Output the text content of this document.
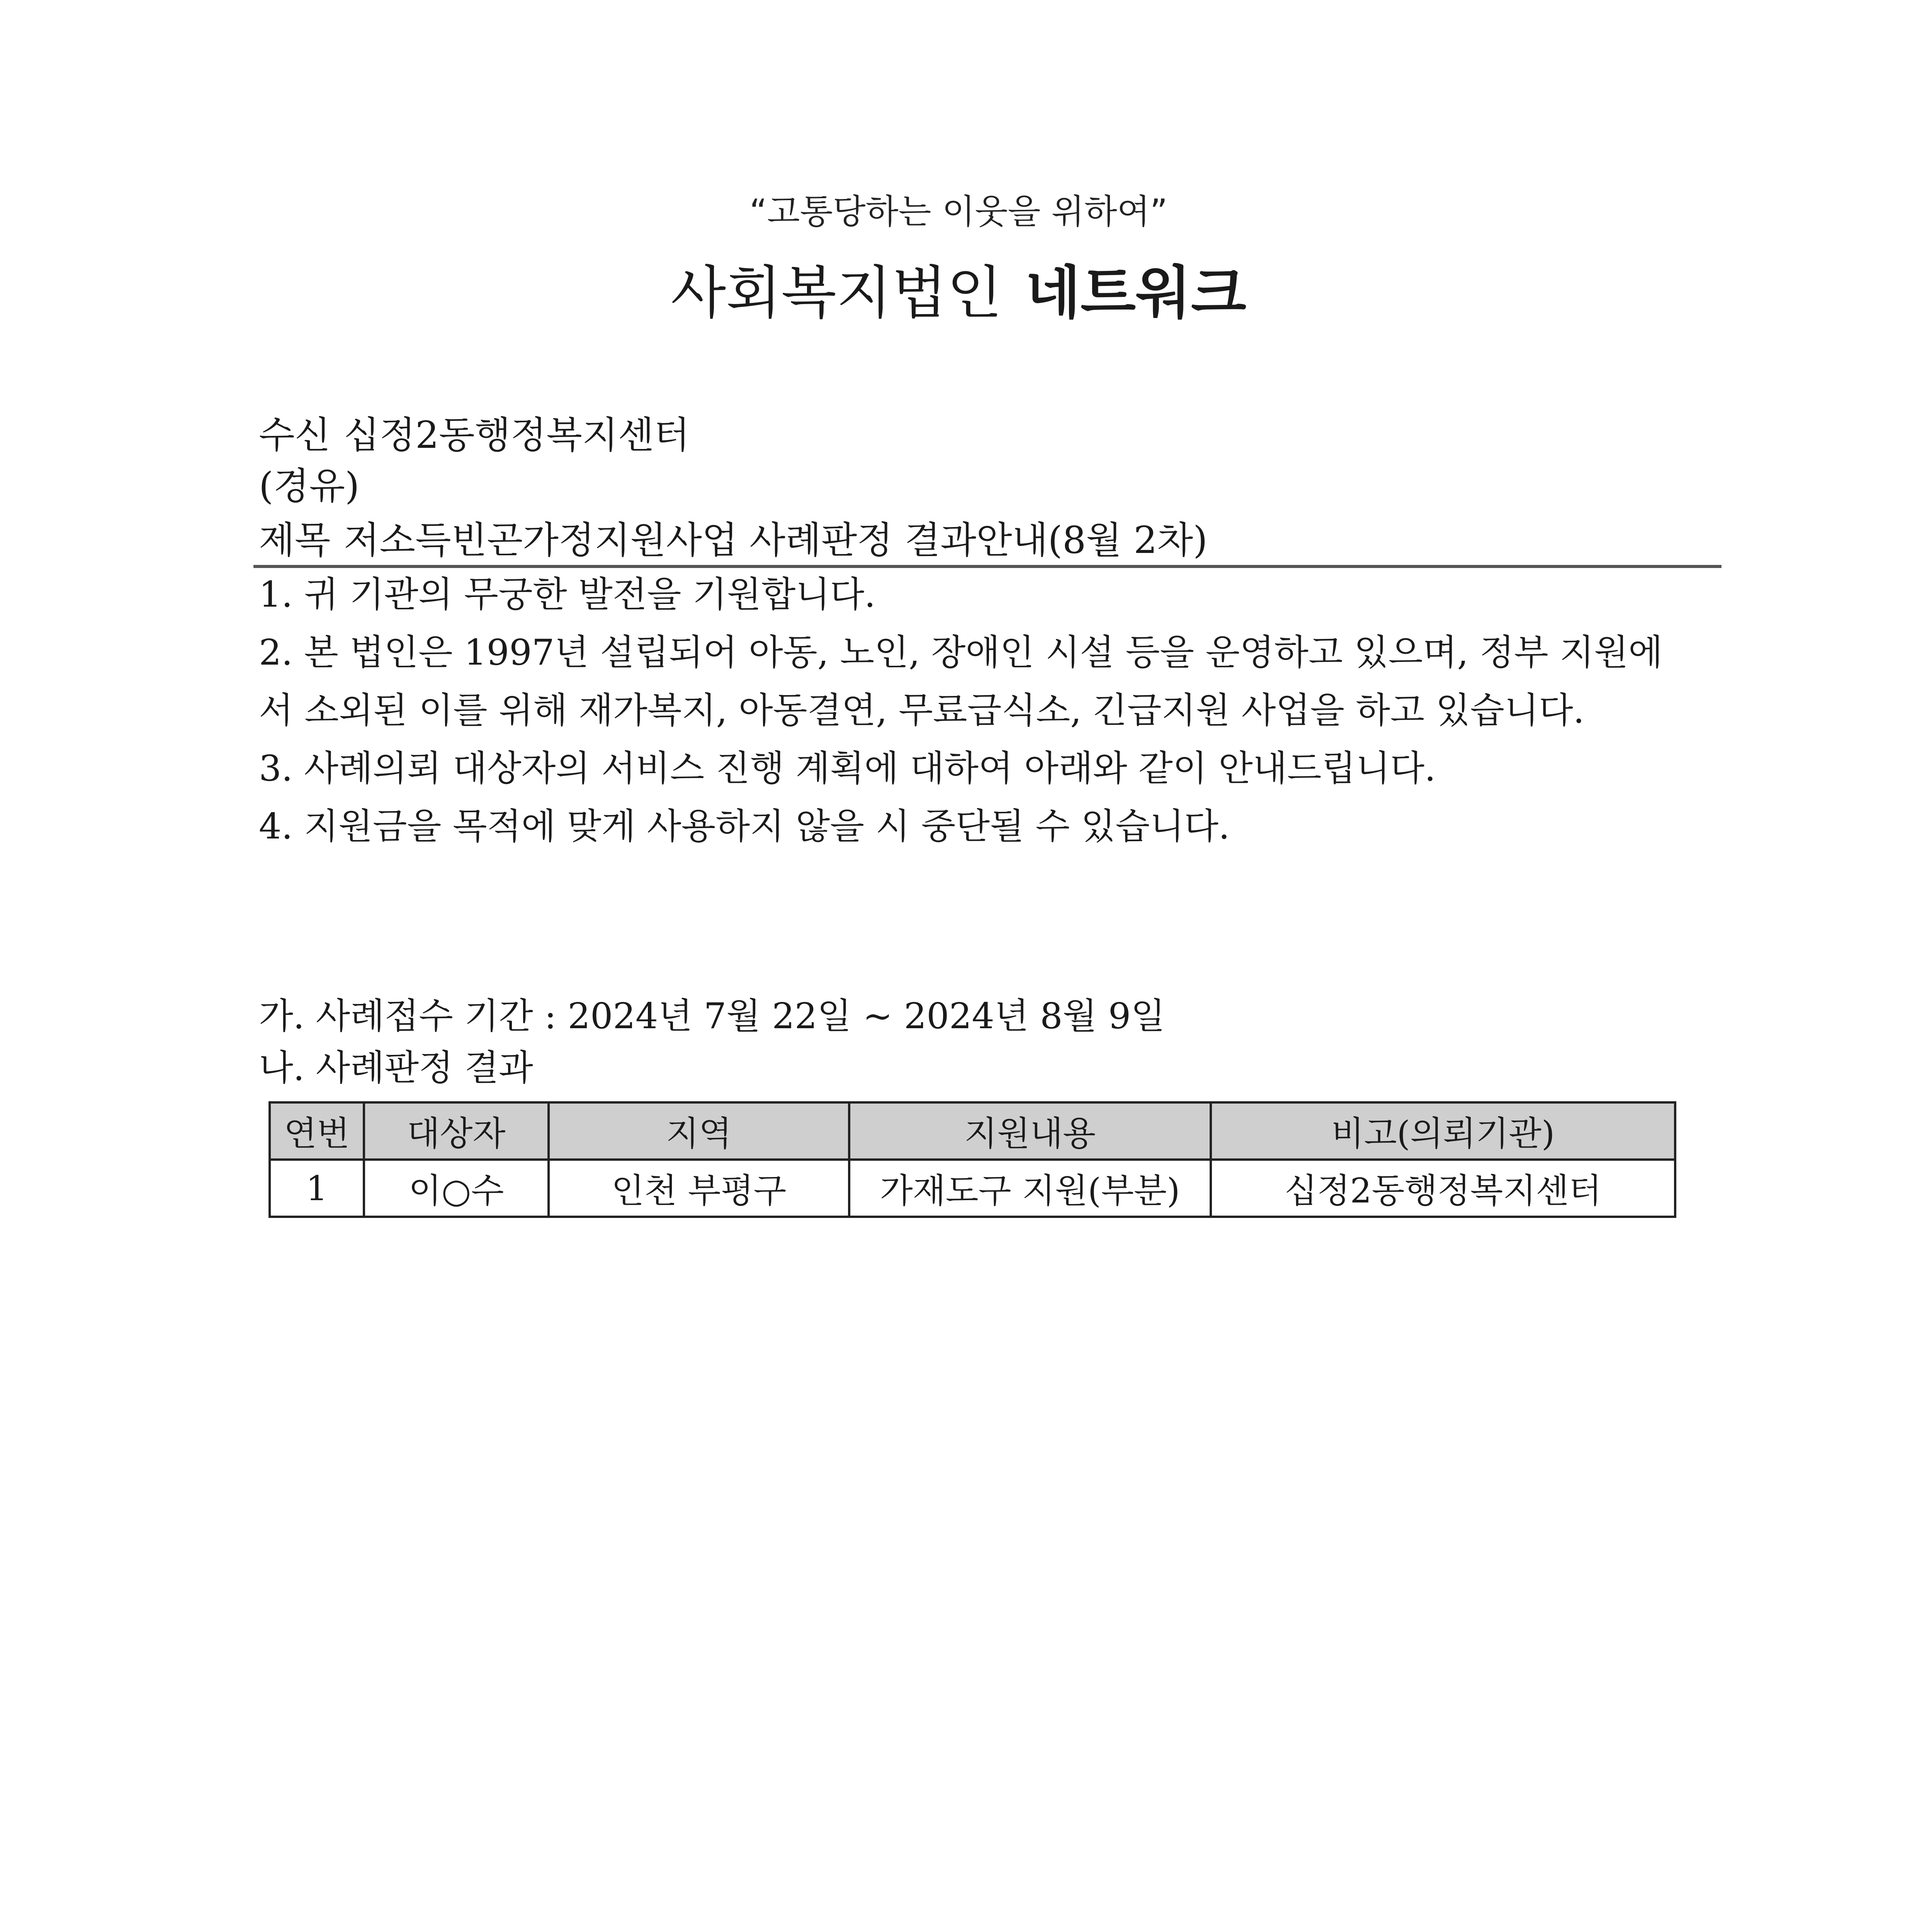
“고통당하는 이웃을 위하여”
사회복지법인 네트워크
수신 십정2동행정복지센터
(경유)
제목 저소득빈곤가정지원사업 사례판정 결과안내(8월 2차)

1. 귀 기관의 무궁한 발전을 기원합니다.

2. 본 법인은 1997년 설립되어 아동, 노인, 장애인 시설 등을 운영하고 있으며, 정부 지원에

서 소외된 이를 위해 재가복지, 아동결연, 무료급식소, 긴급지원 사업을 하고 있습니다.

3. 사례의뢰 대상자의 서비스 진행 계획에 대하여 아래와 같이 안내드립니다.

4. 지원금을 목적에 맞게 사용하지 않을 시 중단될 수 있습니다.

가. 사례접수 기간 : 2024년 7월 22일 ~ 2024년 8월 9일
나. 사례판정 결과
연번	대상자	지역	지원내용	비고(의뢰기관)
1	이○수	인천 부평구	가재도구 지원(부분)	십정2동행정복지센터
